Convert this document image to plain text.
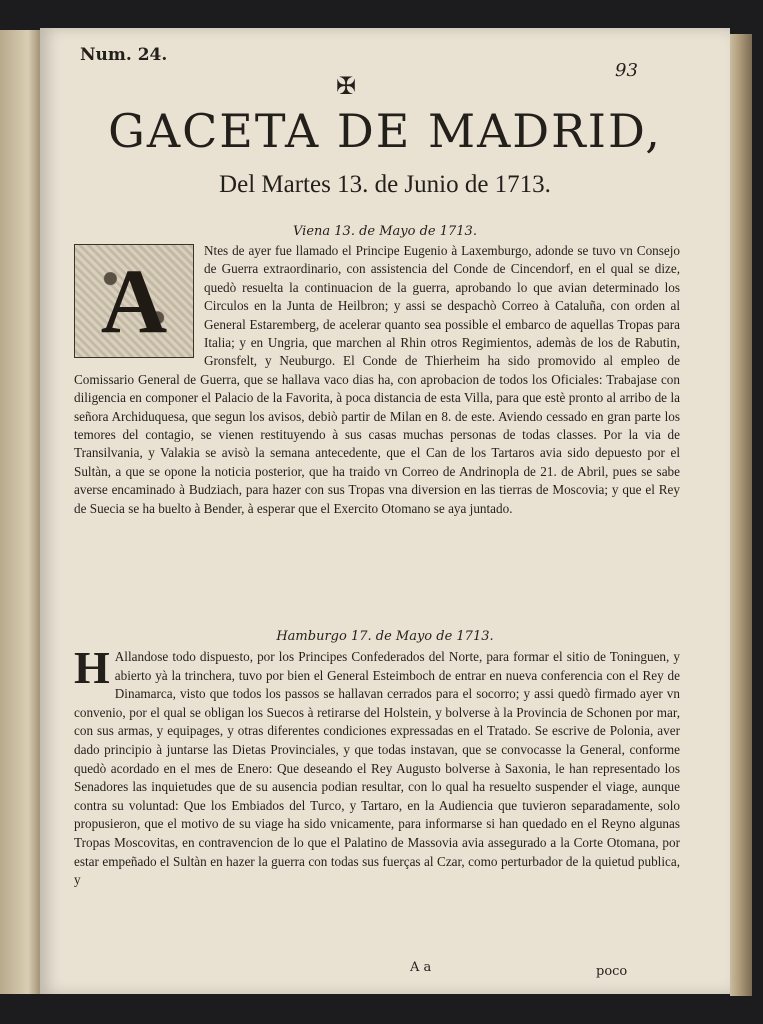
Num. 24.
93
✠
GACETA DE MADRID,
Del Martes 13. de Junio de 1713.
Viena 13. de Mayo de 1713.
A	Ntes de ayer fue llamado el Principe Eugenio à Laxemburgo, adonde se tuvo vn Consejo de Guerra extraordinario, con assistencia del Conde de Cincendorf, en el qual se dize, quedò resuelta la continuacion de la guerra, aprobando lo que avian determinado los Circulos en la Junta de Heilbron; y assi se despachò Correo à Cataluña, con orden al General Estaremberg, de acelerar quanto sea possible el embarco de aquellas Tropas para Italia; y en Ungria, que marchen al Rhin otros Regimientos, ademàs de los de Rabutin, Gronsfelt, y Neuburgo. El Conde de Thierheim ha sido promovido al empleo de Comissario General de Guerra, que se hallava vaco dias ha, con aprobacion de todos los Oficiales: Trabajase con diligencia en componer el Palacio de la Favorita, à poca distancia de esta Villa, para que estè pronto al arribo de la señora Archiduquesa, que segun los avisos, debiò partir de Milan en 8. de este. Aviendo cessado en gran parte los temores del contagio, se vienen restituyendo à sus casas muchas personas de todas classes. Por la via de Transilvania, y Valakia se avisò la semana antecedente, que el Can de los Tartaros avia sido depuesto por el Sultàn, a que se opone la noticia posterior, que ha traido vn Correo de Andrinopla de 21. de Abril, pues se sabe averse encaminado à Budziach, para hazer con sus Tropas vna diversion en las tierras de Moscovia; y que el Rey de Suecia se ha buelto à Bender, à esperar que el Exercito Otomano se aya juntado.
Hamburgo 17. de Mayo de 1713.
H Allandose todo dispuesto, por los Principes Confederados del Norte, para formar el sitio de Toninguen, y abierto yà la trinchera, tuvo por bien el General Esteimboch de entrar en nueva conferencia con el Rey de Dinamarca, visto que todos los passos se hallavan cerrados para el socorro; y assi quedò firmado ayer vn convenio, por el qual se obligan los Suecos à retirarse del Holstein, y bolverse à la Provincia de Schonen por mar, con sus armas, y equipages, y otras diferentes condiciones expressadas en el Tratado. Se escrive de Polonia, aver dado principio à juntarse las Dietas Provinciales, y que todas instavan, que se convocasse la General, conforme quedò acordado en el mes de Enero: Que deseando el Rey Augusto bolverse à Saxonia, le han representado los Senadores las inquietudes que de su ausencia podian resultar, con lo qual ha resuelto suspender el viage, aunque contra su voluntad: Que los Embiados del Turco, y Tartaro, en la Audiencia que tuvieron separadamente, solo propusieron, que el motivo de su viage ha sido vnicamente, para informarse si han quedado en el Reyno algunas Tropas Moscovitas, en contravencion de lo que el Palatino de Massovia avia assegurado a la Corte Otomana, por estar empeñado el Sultàn en hazer la guerra con todas sus fuerças al Czar, como perturbador de la quietud publica, y
A a	poco
